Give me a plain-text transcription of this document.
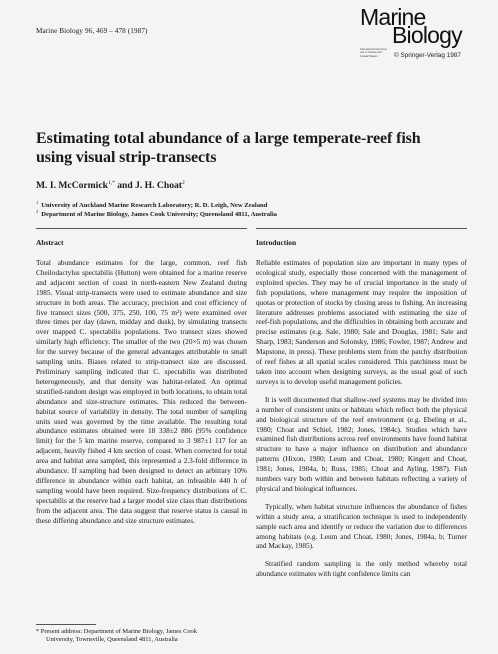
Marine Biology 96, 469 – 478 (1987)
Marine
Biology
International Journal on Life in Oceans and Coastal Waters	© Springer-Verlag 1987
Estimating total abundance of a large temperate-reef fish
using visual strip-transects
M. I. McCormick$^{1,*}$ and J. H. Choat$^2$
$^1$ University of Auckland Marine Research Laboratory; R. D. Leigh, New Zealand
$^2$ Department of Marine Biology, James Cook University; Queensland 4811, Australia
Abstract	Introduction

Total abundance estimates for the large, common, reef fish Cheilodactylus spectabilis (Hutton) were obtained for a marine reserve and adjacent section of coast in north-eastern New Zealand during 1985. Visual strip-transects were used to estimate abundance and size structure in both areas. The accuracy, precision and cost efficiency of five transect sizes (500, 375, 250, 100, 75 m²) were examined over three times per day (dawn, midday and dusk), by simulating transects over mapped C. spectabilis populations. Two transect sizes showed similarly high efficiency. The smaller of the two (20×5 m) was chosen for the survey because of the general advantages attributable to small sampling units. Biases related to strip-transect size are discussed. Preliminary sampling indicated that C. spectabilis was distributed heterogeneously, and that density was habitat-related. An optimal stratified-random design was employed in both locations, to obtain total abundance and size-structure estimates. This reduced the between-habitat source of variability in density. The total number of sampling units used was governed by the time available. The resulting total abundance estimates obtained were 18 338±2 886 (95% confidence limit) for the 5 km marine reserve, compared to 3 987±1 117 for an adjacent, heavily fished 4 km section of coast. When corrected for total area and habitat area sampled, this represented a 2.3-fold difference in abundance. If sampling had been designed to detect an arbitrary 10% difference in abundance within each habitat, an infeasible 440 h of sampling would have been required. Size-frequency distributions of C. spectabilis at the reserve had a larger model size class than distributions from the adjacent area. The data suggest that reserve status is causal in these differing abundance and size structure estimates.

Reliable estimates of population size are important in many types of ecological study, especially those concerned with the management of exploited species. They may be of crucial importance in the study of fish populations, where management may require the imposition of quotas or protection of stocks by closing areas to fishing. An increasing literature addresses problems associated with estimating the size of reef-fish populations, and the difficulties in obtaining both accurate and precise estimates (e.g. Sale, 1980; Sale and Douglas, 1981; Sale and Sharp, 1983; Sanderson and Solonsky, 1986; Fowler, 1987; Andrew and Mapstone, in press). These problems stem from the patchy distribution of reef fishes at all spatial scales considered. This patchiness must be taken into account when designing surveys, as the usual goal of such surveys is to develop useful management policies.

It is well documented that shallow-reef systems may be divided into a number of consistent units or habitats which reflect both the physical and biological structure of the reef environment (e.g. Ebeling et al., 1980; Choat and Schiel, 1982; Jones, 1984c). Studies which have examined fish distributions across reef environments have found habitat structure to have a major influence on distribution and abundance patterns (Hixon, 1980; Leum and Choat, 1980; Kingett and Choat, 1981; Jones, 1984a, b; Russ, 1985; Choat and Ayling, 1987). Fish numbers vary both within and between habitats reflecting a variety of physical and biological influences.

Typically, when habitat structure influences the abundance of fishes within a study area, a stratification technique is used to independently sample each area and identify or reduce the variation due to differences among habitats (e.g. Leum and Choat, 1980; Jones, 1984a, b; Turner and Mackay, 1985).

Stratified random sampling is the only method whereby total abundance estimates with tight confidence limits can

* Present address: Department of Marine Biology, James Cook
University, Townsville, Queensland 4811, Australia
